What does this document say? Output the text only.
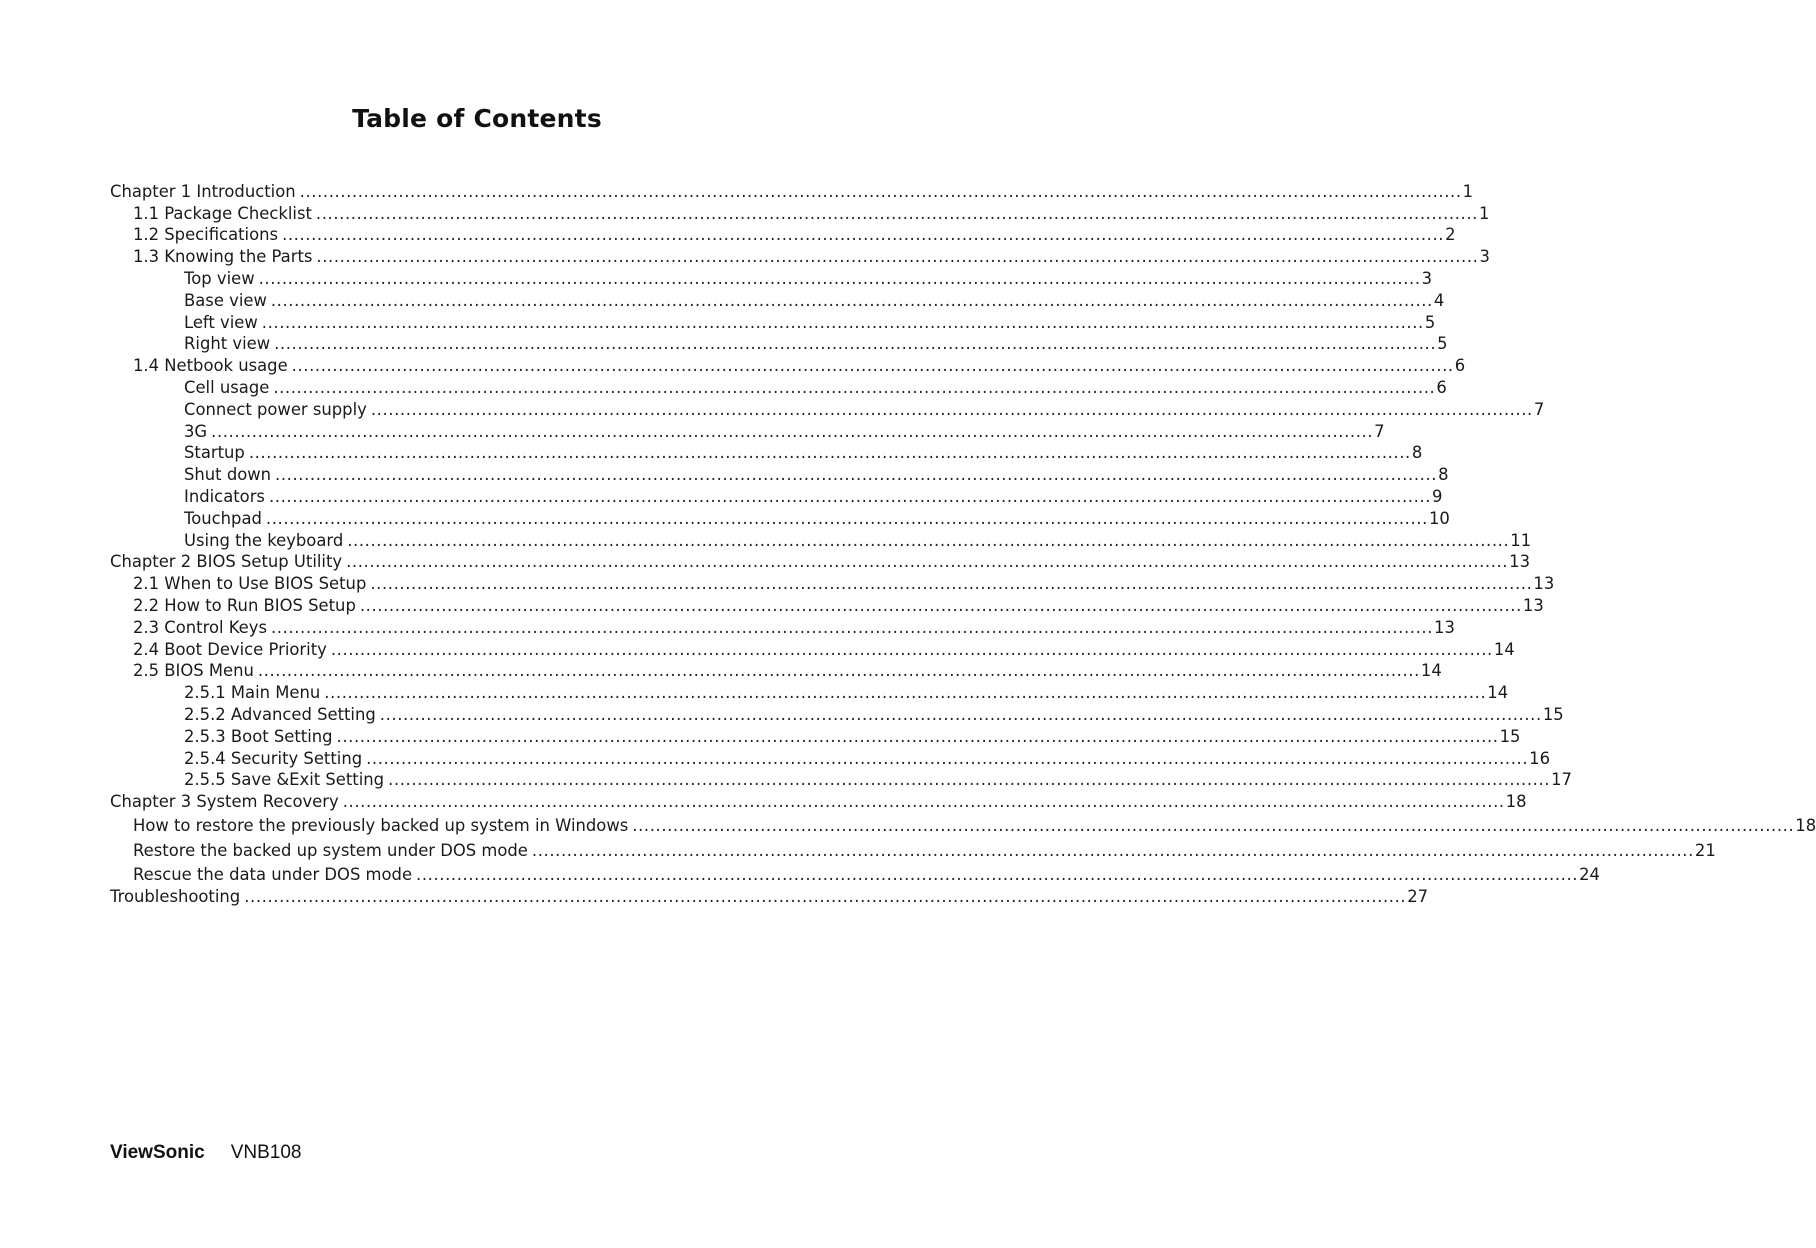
Table of Contents
Chapter 1 Introduction ........................................................................................................................................................................................................ 1
1.1 Package Checklist ........................................................................................................................................................................................................ 1
1.2 Specifications ........................................................................................................................................................................................................ 2
1.3 Knowing the Parts ........................................................................................................................................................................................................ 3
Top view ........................................................................................................................................................................................................ 3
Base view ........................................................................................................................................................................................................ 4
Left view ........................................................................................................................................................................................................ 5
Right view ........................................................................................................................................................................................................ 5
1.4 Netbook usage ........................................................................................................................................................................................................ 6
Cell usage ........................................................................................................................................................................................................ 6
Connect power supply ........................................................................................................................................................................................................ 7
3G ........................................................................................................................................................................................................ 7
Startup ........................................................................................................................................................................................................ 8
Shut down ........................................................................................................................................................................................................ 8
Indicators ........................................................................................................................................................................................................ 9
Touchpad ........................................................................................................................................................................................................ 10
Using the keyboard ........................................................................................................................................................................................................ 11
Chapter 2 BIOS Setup Utility ........................................................................................................................................................................................................ 13
2.1 When to Use BIOS Setup ........................................................................................................................................................................................................ 13
2.2 How to Run BIOS Setup ........................................................................................................................................................................................................ 13
2.3 Control Keys ........................................................................................................................................................................................................ 13
2.4 Boot Device Priority ........................................................................................................................................................................................................ 14
2.5 BIOS Menu ........................................................................................................................................................................................................ 14
2.5.1 Main Menu ........................................................................................................................................................................................................ 14
2.5.2 Advanced Setting ........................................................................................................................................................................................................ 15
2.5.3 Boot Setting ........................................................................................................................................................................................................ 15
2.5.4 Security Setting ........................................................................................................................................................................................................ 16
2.5.5 Save &Exit Setting ........................................................................................................................................................................................................ 17
Chapter 3 System Recovery ........................................................................................................................................................................................................ 18
How to restore the previously backed up system in Windows ........................................................................................................................................................................................................ 18
Restore the backed up system under DOS mode ........................................................................................................................................................................................................ 21
Rescue the data under DOS mode ........................................................................................................................................................................................................ 24
Troubleshooting ........................................................................................................................................................................................................ 27
ViewSonic VNB108
